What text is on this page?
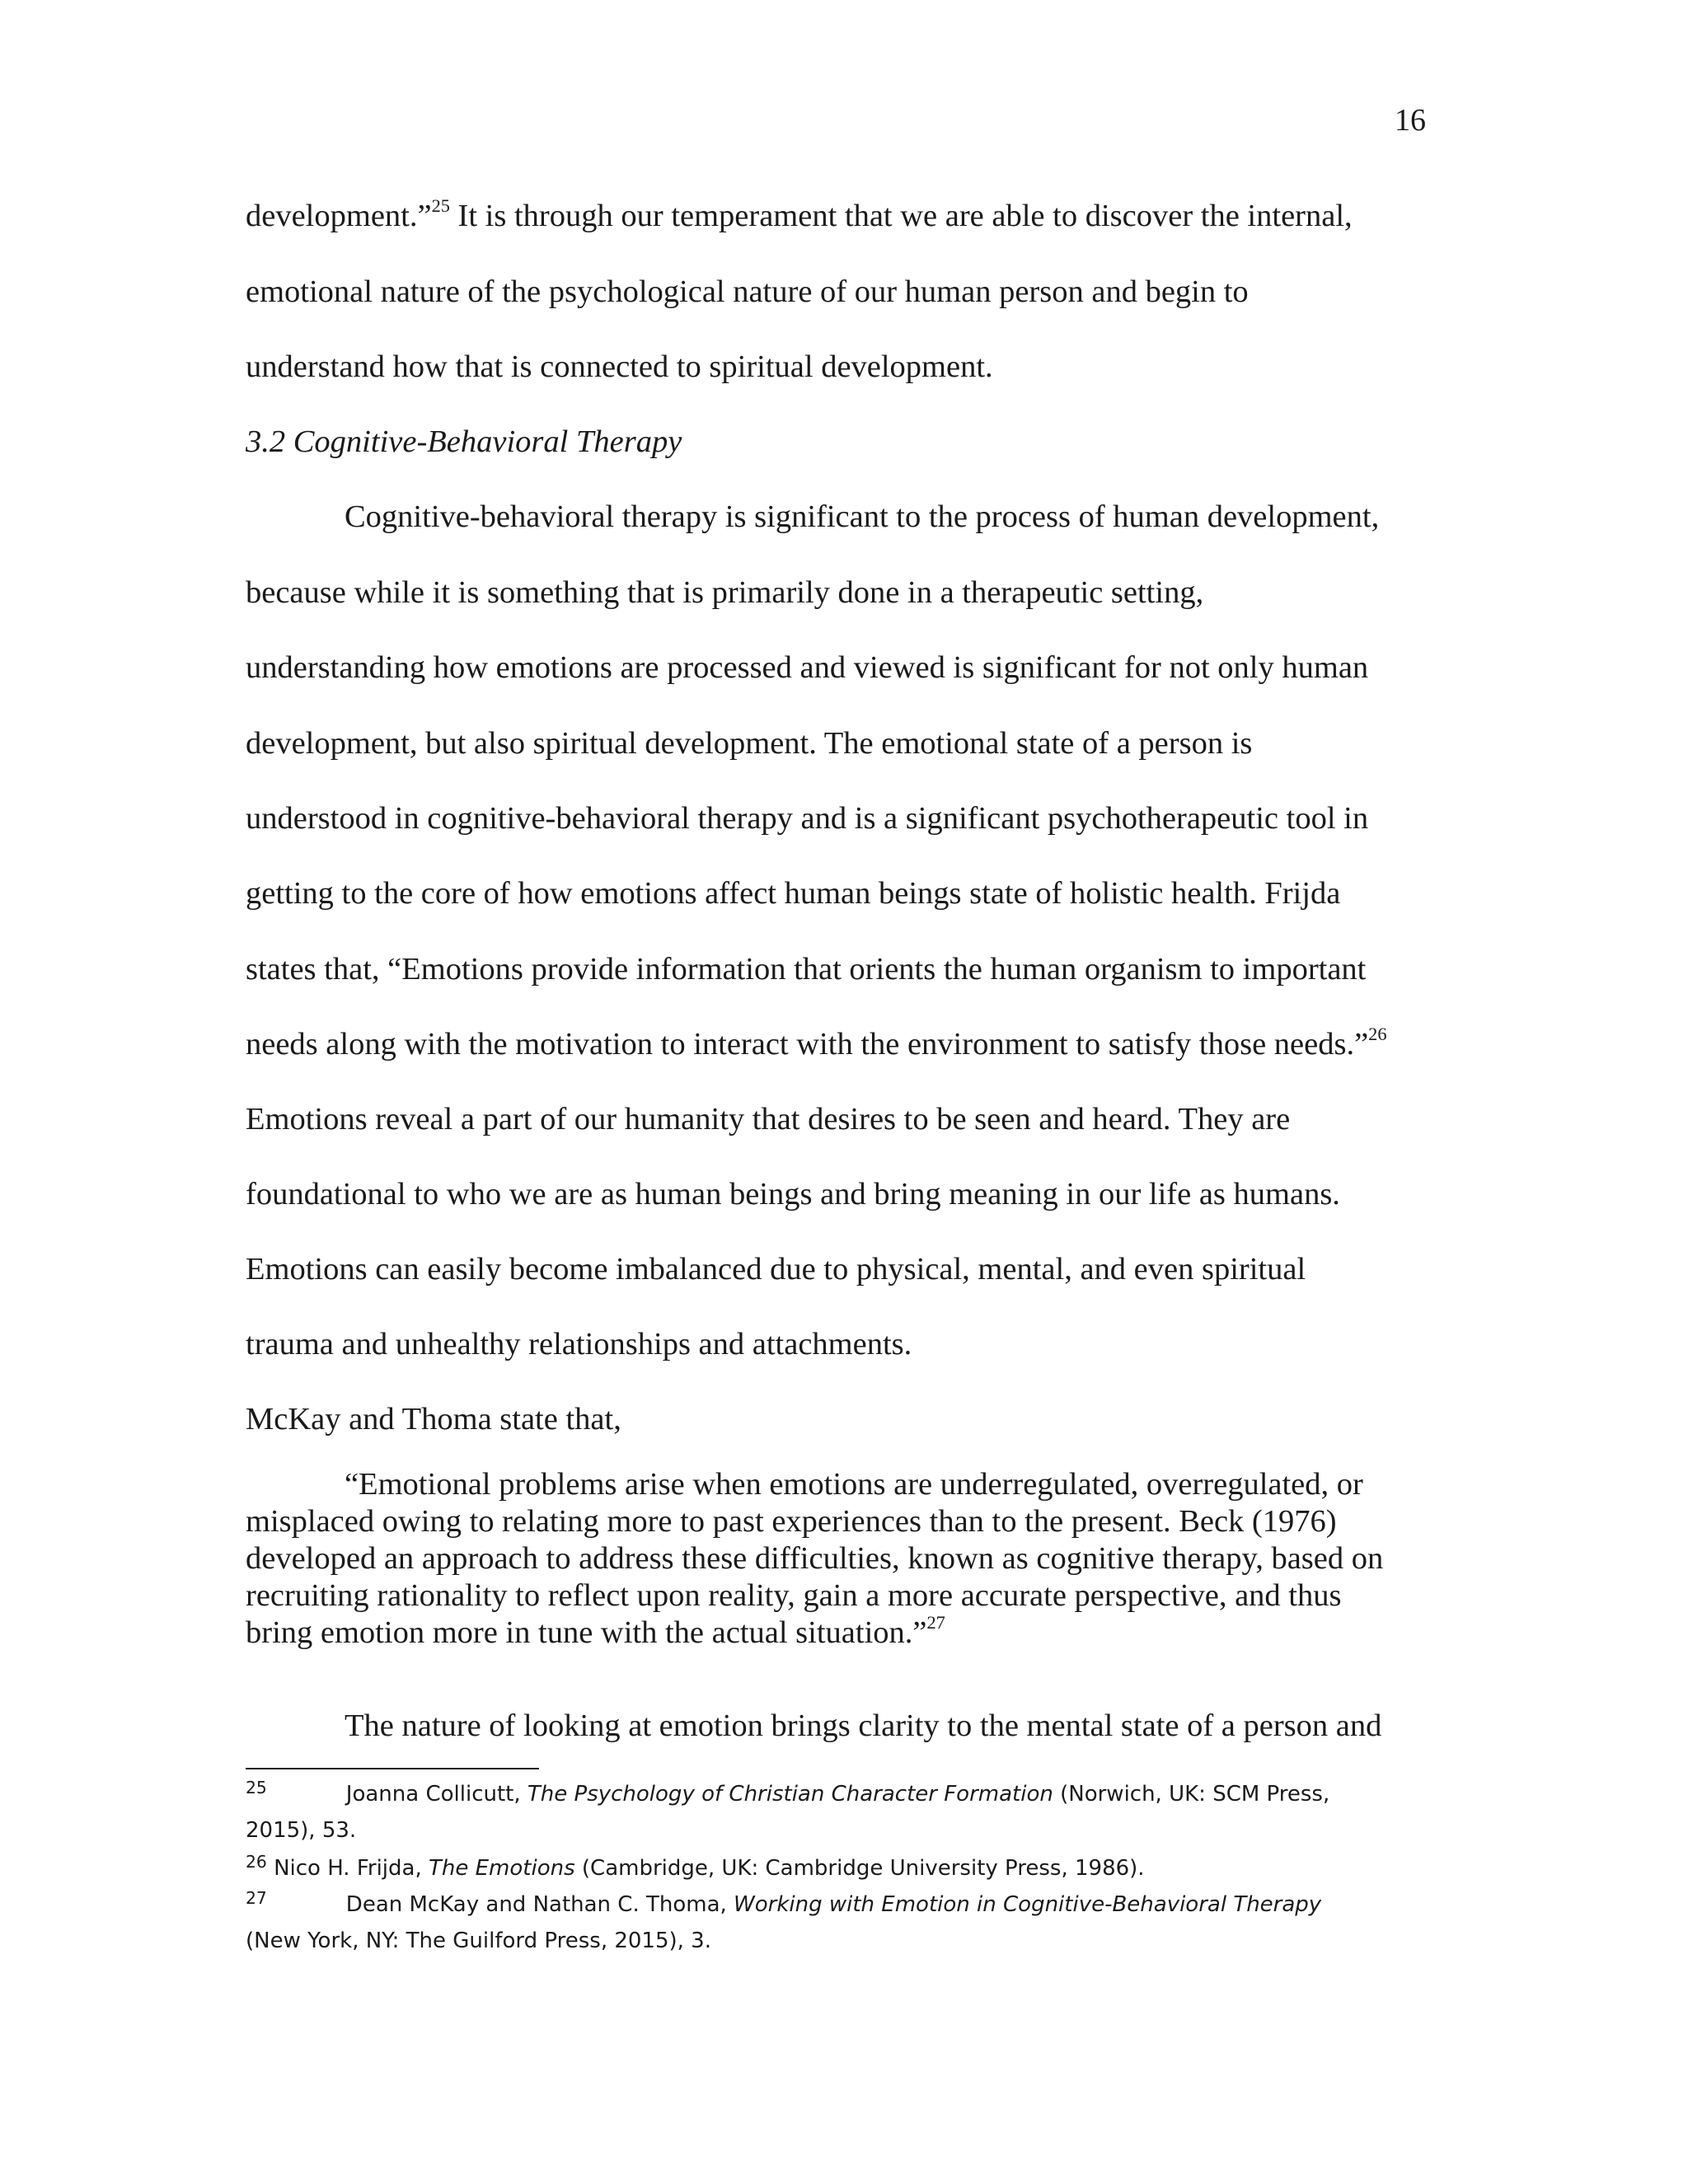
16
development.”$^{25}$ It is through our temperament that we are able to discover the internal,
emotional nature of the psychological nature of our human person and begin to
understand how that is connected to spiritual development.
3.2 Cognitive-Behavioral Therapy
Cognitive-behavioral therapy is significant to the process of human development,
because while it is something that is primarily done in a therapeutic setting,
understanding how emotions are processed and viewed is significant for not only human
development, but also spiritual development. The emotional state of a person is
understood in cognitive-behavioral therapy and is a significant psychotherapeutic tool in
getting to the core of how emotions affect human beings state of holistic health. Frijda
states that, “Emotions provide information that orients the human organism to important
needs along with the motivation to interact with the environment to satisfy those needs.”$^{26}$
Emotions reveal a part of our humanity that desires to be seen and heard. They are
foundational to who we are as human beings and bring meaning in our life as humans.
Emotions can easily become imbalanced due to physical, mental, and even spiritual
trauma and unhealthy relationships and attachments.
McKay and Thoma state that,
The nature of looking at emotion brings clarity to the mental state of a person and
“Emotional problems arise when emotions are underregulated, overregulated, or
misplaced owing to relating more to past experiences than to the present. Beck (1976)
developed an approach to address these difficulties, known as cognitive therapy, based on
recruiting rationality to reflect upon reality, gain a more accurate perspective, and thus
bring emotion more in tune with the actual situation.”$^{27}$
$^{25}$	Joanna Collicutt, The Psychology of Christian Character Formation (Norwich, UK: SCM Press,
2015), 53.
$^{26}$ Nico H. Frijda, The Emotions (Cambridge, UK: Cambridge University Press, 1986).
$^{27}$	Dean McKay and Nathan C. Thoma, Working with Emotion in Cognitive-Behavioral Therapy
(New York, NY: The Guilford Press, 2015), 3.
